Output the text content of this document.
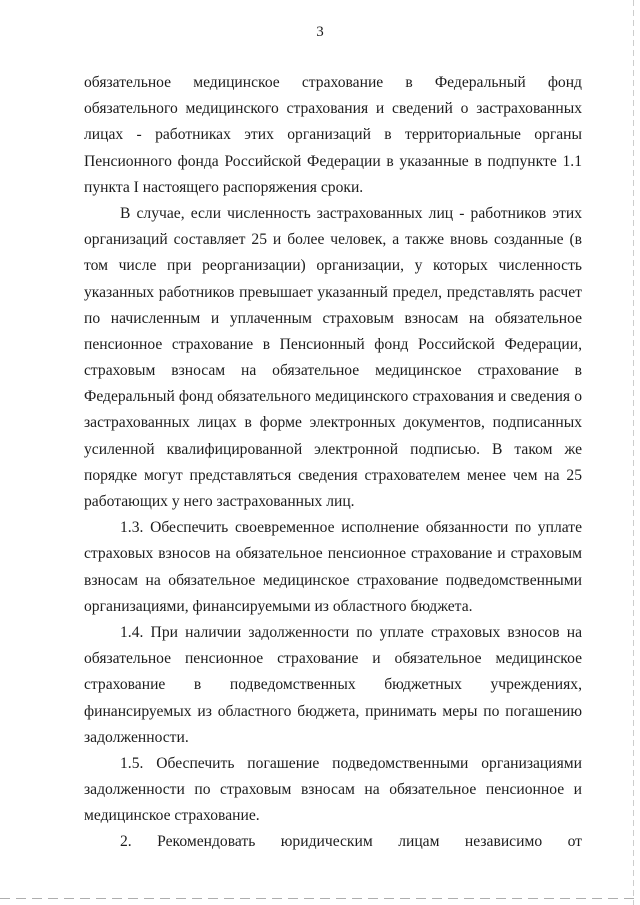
3
обязательное медицинское страхование в Федеральный фонд
обязательного медицинского страхования и сведений о застрахованных
лицах - работниках этих организаций в территориальные органы
Пенсионного фонда Российской Федерации в указанные в подпункте 1.1
пункта I настоящего распоряжения сроки.
В случае, если численность застрахованных лиц - работников этих
организаций составляет 25 и более человек, а также вновь созданные (в
том числе при реорганизации) организации, у которых численность
указанных работников превышает указанный предел, представлять расчет
по начисленным и уплаченным страховым взносам на обязательное
пенсионное страхование в Пенсионный фонд Российской Федерации,
страховым взносам на обязательное медицинское страхование в
Федеральный фонд обязательного медицинского страхования и сведения о
застрахованных лицах в форме электронных документов, подписанных
усиленной квалифицированной электронной подписью. В таком же
порядке могут представляться сведения страхователем менее чем на 25
работающих у него застрахованных лиц.
1.3. Обеспечить своевременное исполнение обязанности по уплате
страховых взносов на обязательное пенсионное страхование и страховым
взносам на обязательное медицинское страхование подведомственными
организациями, финансируемыми из областного бюджета.
1.4. При наличии задолженности по уплате страховых взносов на
обязательное пенсионное страхование и обязательное медицинское
страхование в подведомственных бюджетных учреждениях,
финансируемых из областного бюджета, принимать меры по погашению
задолженности.
1.5. Обеспечить погашение подведомственными организациями
задолженности по страховым взносам на обязательное пенсионное и
медицинское страхование.
2. Рекомендовать юридическим лицам независимо от
